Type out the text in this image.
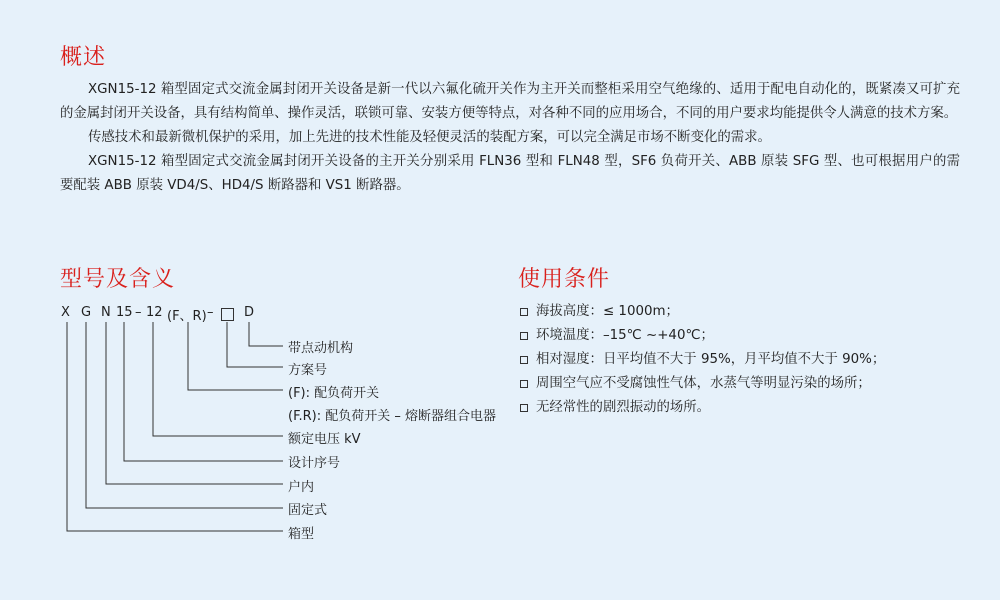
概述

XGN15-12 箱型固定式交流金属封闭开关设备是新一代以六氟化硫开关作为主开关而整柜采用空气绝缘的、适用于配电自动化的，既紧凑又可扩充的金属封闭开关设备，具有结构简单、操作灵活，联锁可靠、安装方便等特点，对各种不同的应用场合，不同的用户要求均能提供令人满意的技术方案。

传感技术和最新微机保护的采用，加上先进的技术性能及轻便灵活的装配方案，可以完全满足市场不断变化的需求。

XGN15-12 箱型固定式交流金属封闭开关设备的主开关分别采用 FLN36 型和 FLN48 型，SF6 负荷开关、ABB 原装 SFG 型、也可根据用户的需要配装 ABB 原装 VD4/S、HD4/S 断路器和 VS1 断路器。

型号及含义
X G N 15 – 12 (F、R) – D
带点动机构
方案号
(F): 配负荷开关
(F.R): 配负荷开关 – 熔断器组合电器
额定电压 kV
设计序号
户内
固定式
箱型
使用条件
海拔高度：≤ 1000m；
环境温度：–15℃ ~+40℃；
相对湿度：日平均值不大于 95%，月平均值不大于 90%；
周围空气应不受腐蚀性气体，水蒸气等明显污染的场所；
无经常性的剧烈振动的场所。
